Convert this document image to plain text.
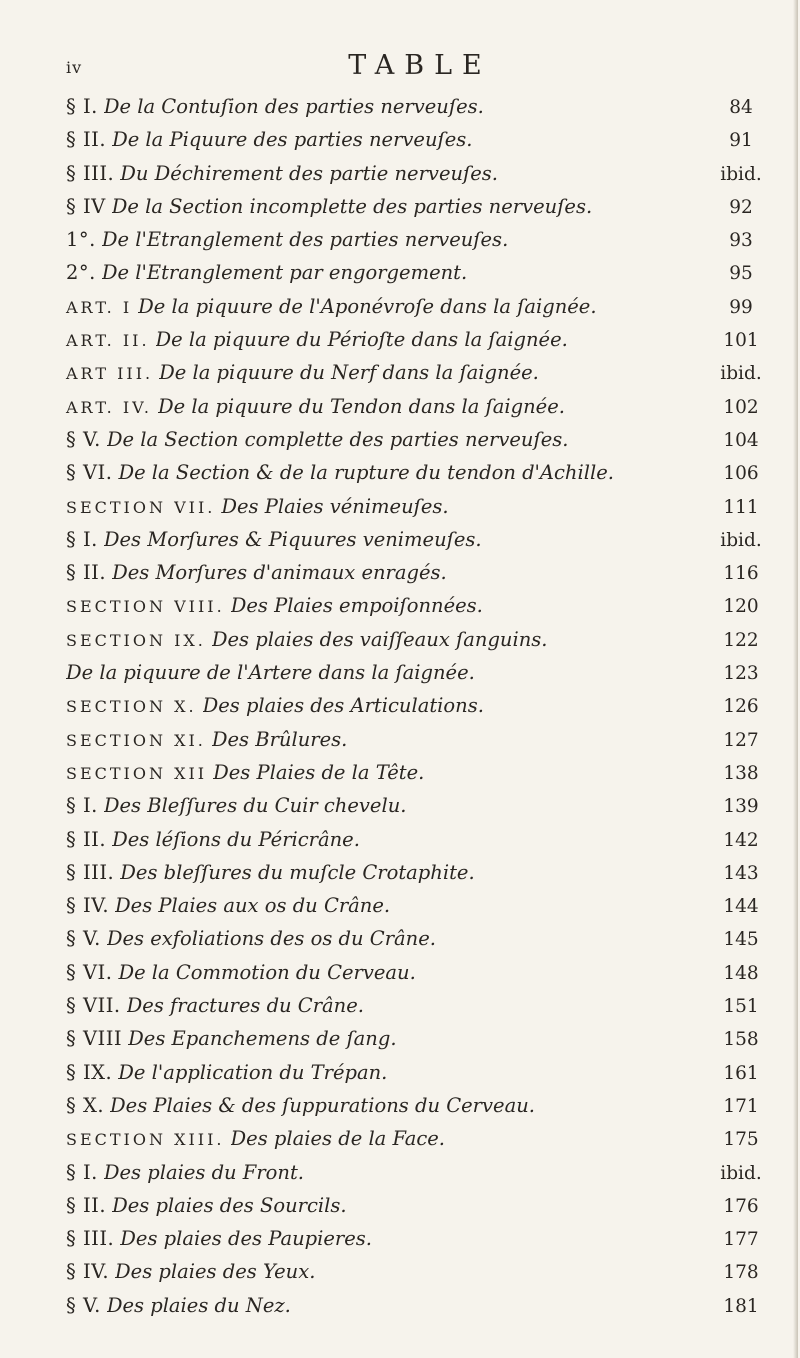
iv	TABLE
§ I. De la Contuſion des parties nerveuſes.	84
§ II. De la Piquure des parties nerveuſes.	91
§ III. Du Déchirement des partie nerveuſes.	ibid.
§ IV De la Section incomplette des parties nerveuſes.	92
1°. De l'Etranglement des parties nerveuſes.	93
2°. De l'Etranglement par engorgement.	95
ART. I De la piquure de l'Aponévroſe dans la ſaignée.	99
ART. II. De la piquure du Périoſte dans la ſaignée.	101
ART III. De la piquure du Nerf dans la ſaignée.	ibid.
ART. IV. De la piquure du Tendon dans la ſaignée.	102
§ V. De la Section complette des parties nerveuſes.	104
§ VI. De la Section & de la rupture du tendon d'Achille.	106
SECTION VII. Des Plaies vénimeuſes.	111
§ I. Des Morſures & Piquures venimeuſes.	ibid.
§ II. Des Morſures d'animaux enragés.	116
SECTION VIII. Des Plaies empoiſonnées.	120
SECTION IX. Des plaies des vaiſſeaux ſanguins.	122
De la piquure de l'Artere dans la ſaignée.	123
SECTION X. Des plaies des Articulations.	126
SECTION XI. Des Brûlures.	127
SECTION XII Des Plaies de la Tête.	138
§ I. Des Bleſſures du Cuir chevelu.	139
§ II. Des léſions du Péricrâne.	142
§ III. Des bleſſures du muſcle Crotaphite.	143
§ IV. Des Plaies aux os du Crâne.	144
§ V. Des exfoliations des os du Crâne.	145
§ VI. De la Commotion du Cerveau.	148
§ VII. Des fractures du Crâne.	151
§ VIII Des Epanchemens de ſang.	158
§ IX. De l'application du Trépan.	161
§ X. Des Plaies & des ſuppurations du Cerveau.	171
SECTION XIII. Des plaies de la Face.	175
§ I. Des plaies du Front.	ibid.
§ II. Des plaies des Sourcils.	176
§ III. Des plaies des Paupieres.	177
§ IV. Des plaies des Yeux.	178
§ V. Des plaies du Nez.	181
